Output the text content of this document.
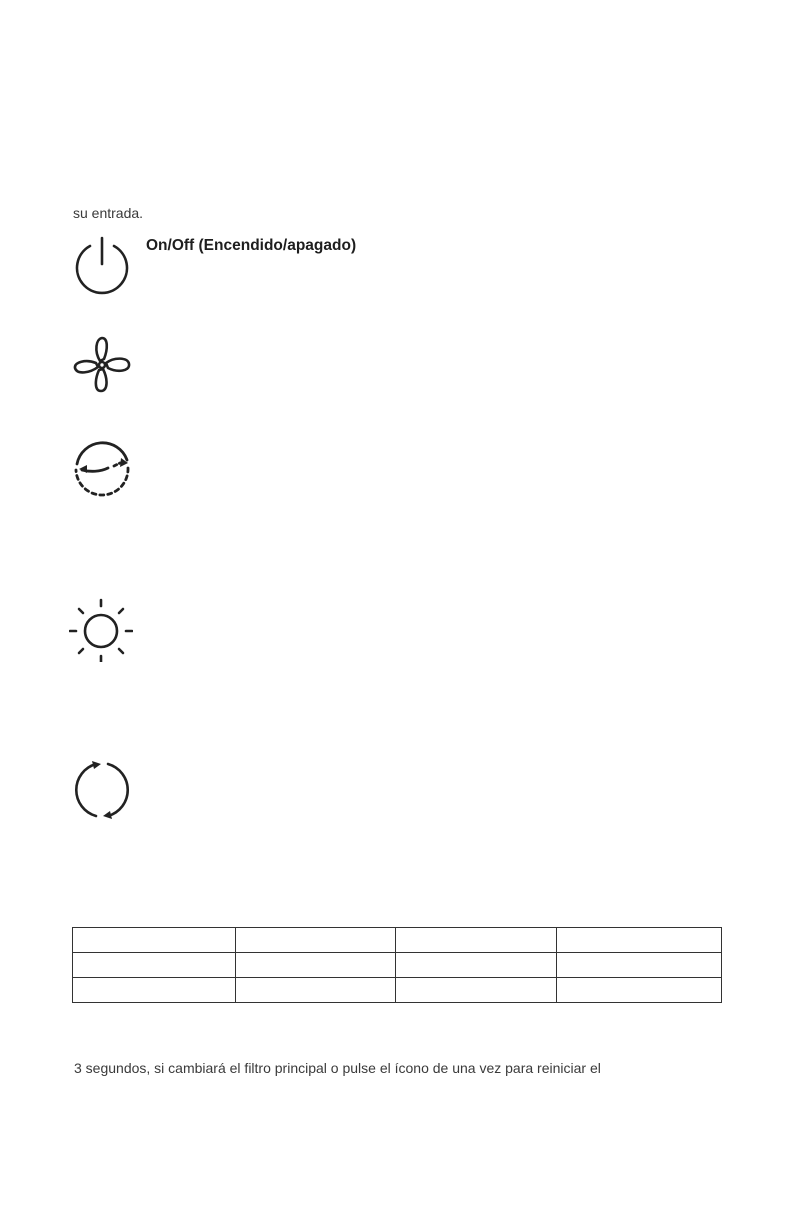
su entrada.
On/Off (Encendido/apagado)

3 segundos, si cambiará el filtro principal o pulse el ícono de una vez para reiniciar el
